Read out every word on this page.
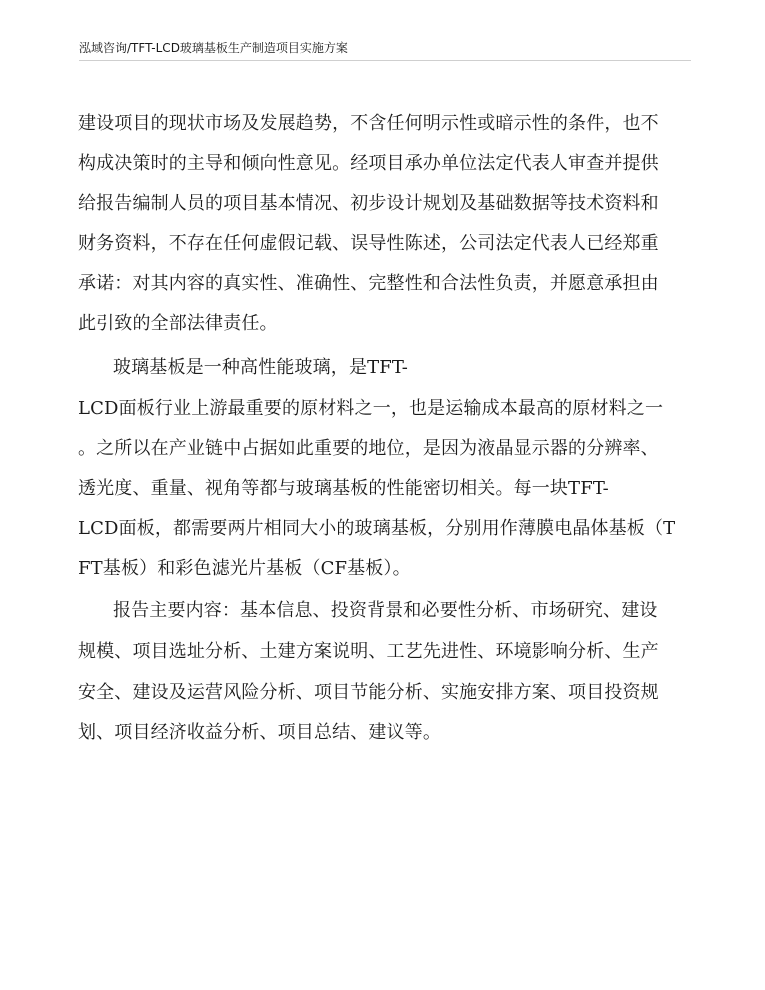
泓域咨询/TFT-LCD玻璃基板生产制造项目实施方案
建设项目的现状市场及发展趋势，不含任何明示性或暗示性的条件，也不
构成决策时的主导和倾向性意见。经项目承办单位法定代表人审查并提供
给报告编制人员的项目基本情况、初步设计规划及基础数据等技术资料和
财务资料，不存在任何虚假记载、误导性陈述，公司法定代表人已经郑重
承诺：对其内容的真实性、准确性、完整性和合法性负责，并愿意承担由
此引致的全部法律责任。
玻璃基板是一种高性能玻璃，是TFT-
LCD面板行业上游最重要的原材料之一，也是运输成本最高的原材料之一
。之所以在产业链中占据如此重要的地位，是因为液晶显示器的分辨率、
透光度、重量、视角等都与玻璃基板的性能密切相关。每一块TFT-
LCD面板，都需要两片相同大小的玻璃基板，分别用作薄膜电晶体基板（T
FT基板）和彩色滤光片基板（CF基板）。
报告主要内容：基本信息、投资背景和必要性分析、市场研究、建设
规模、项目选址分析、土建方案说明、工艺先进性、环境影响分析、生产
安全、建设及运营风险分析、项目节能分析、实施安排方案、项目投资规
划、项目经济收益分析、项目总结、建议等。
